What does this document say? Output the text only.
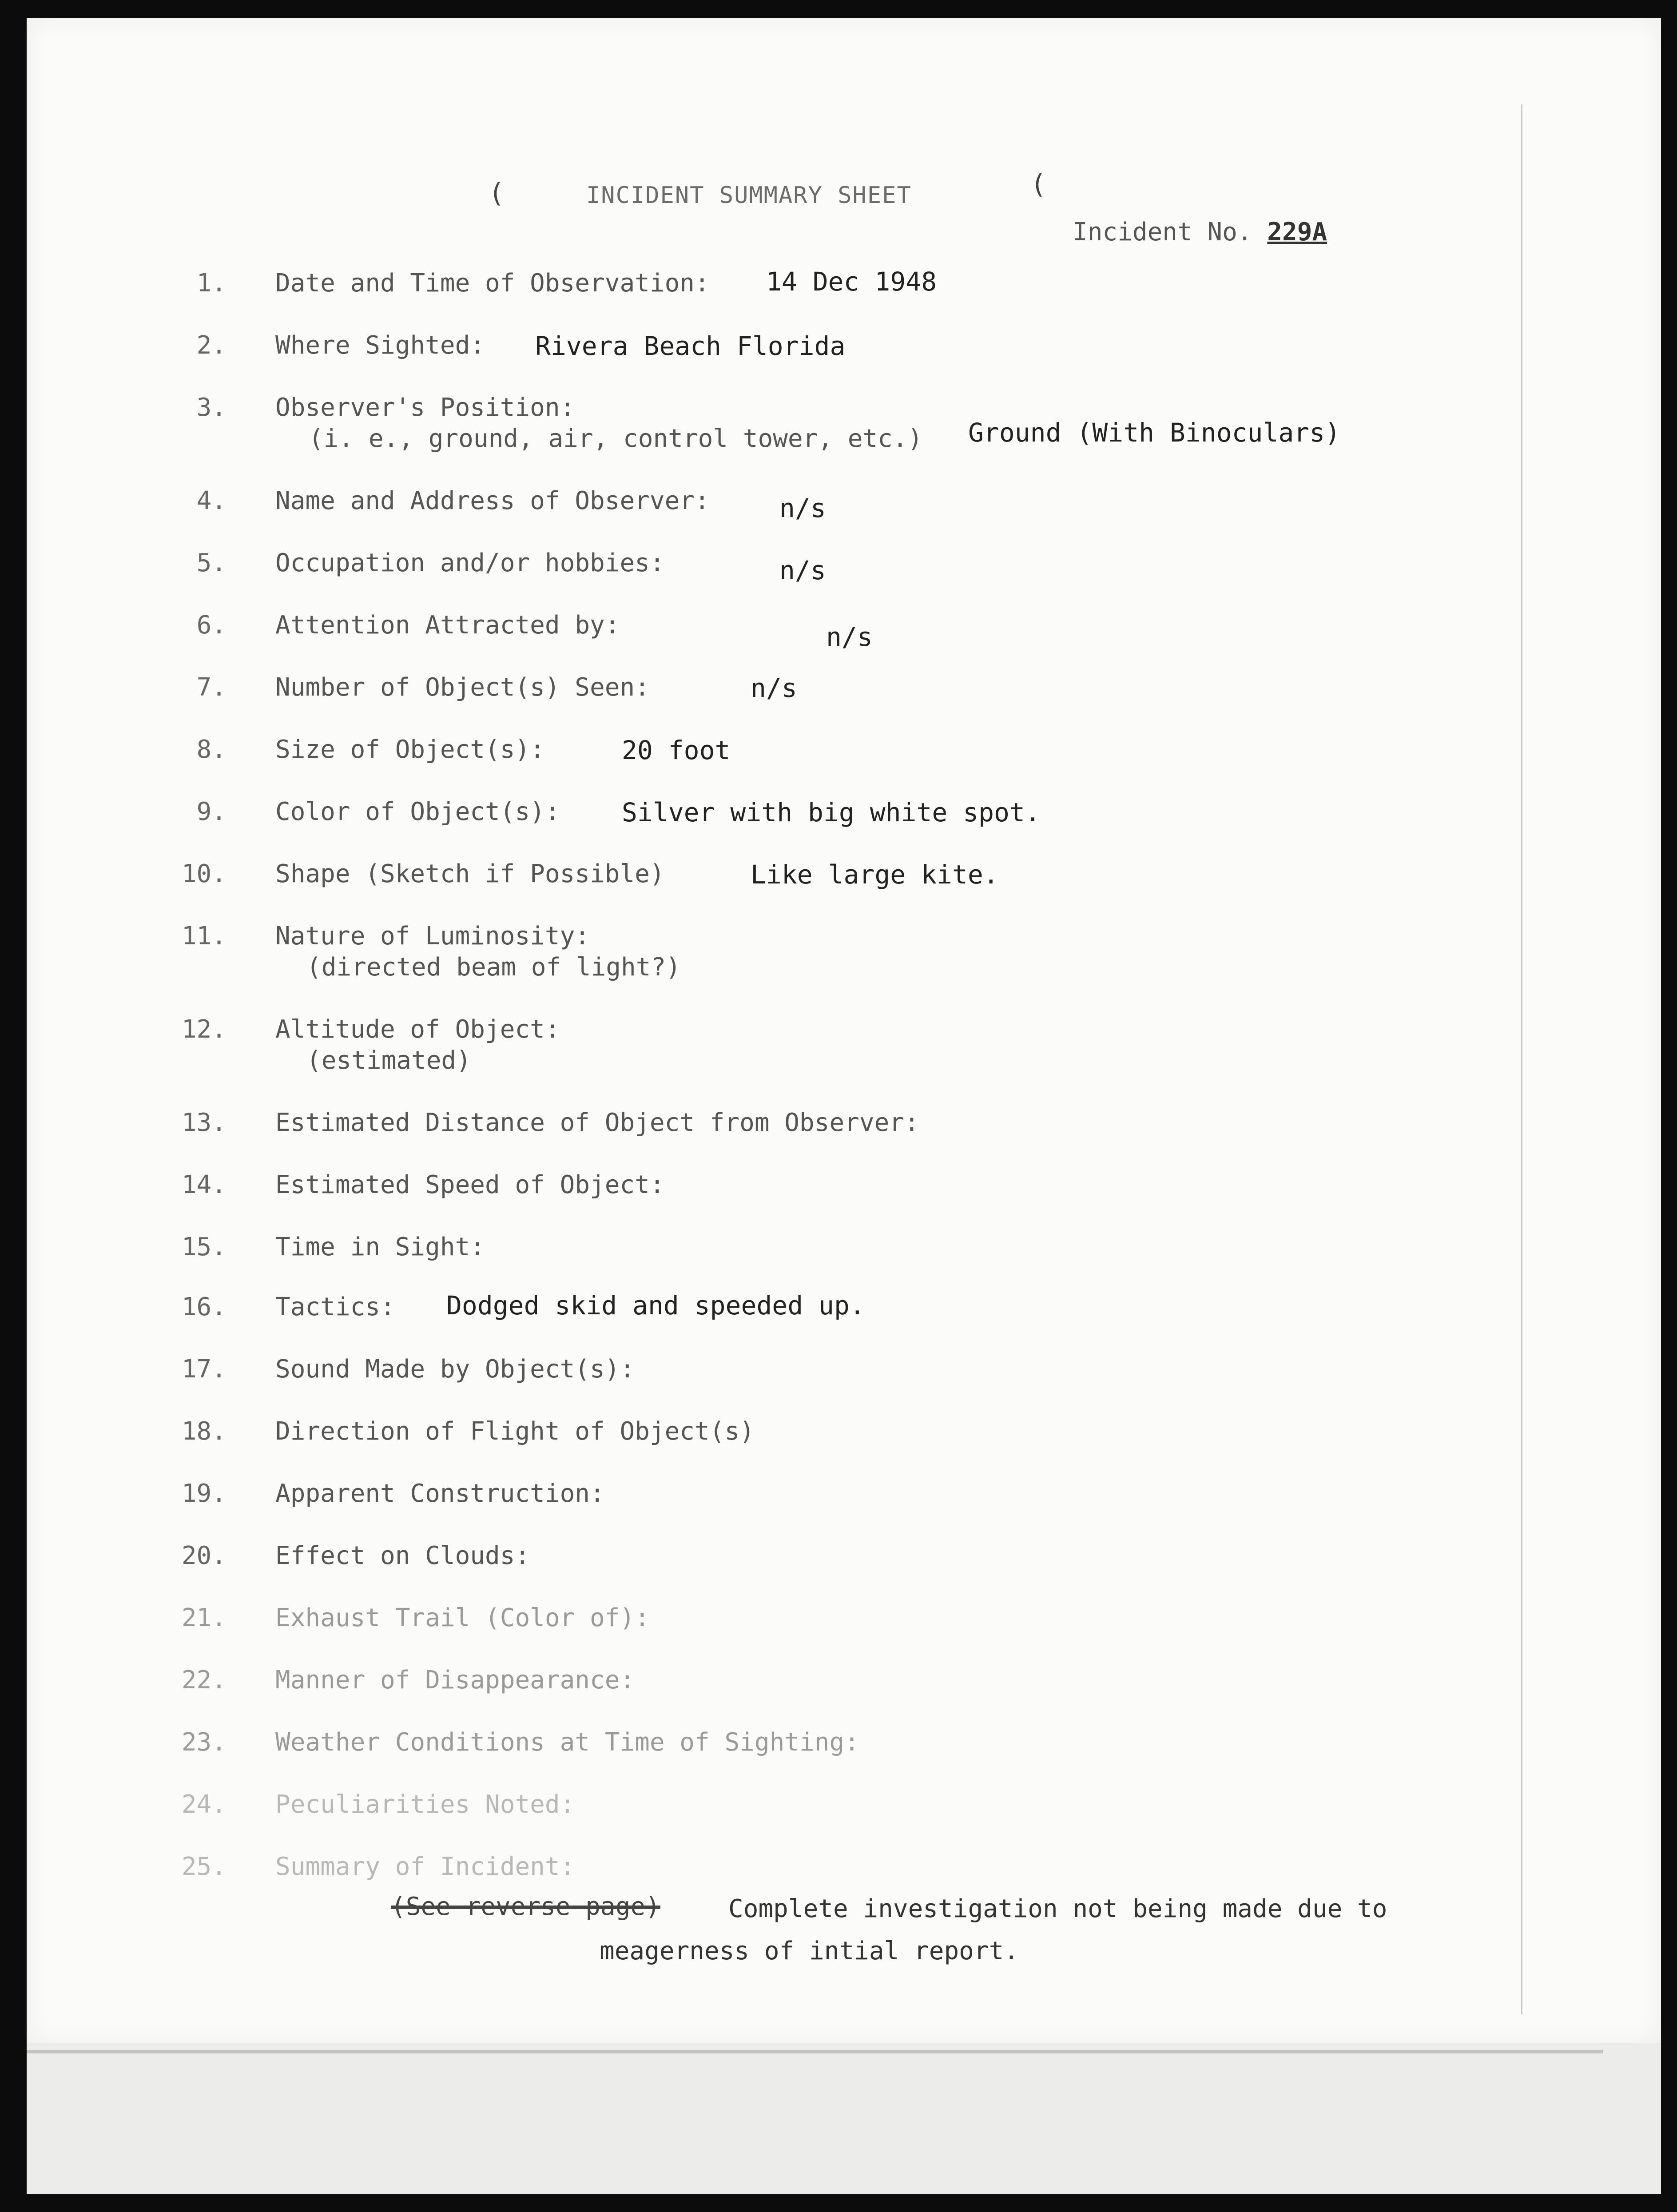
(	(
INCIDENT SUMMARY SHEET
Incident No. 229A
1. Date and Time of Observation: 14 Dec 1948
2. Where Sighted: Rivera Beach Florida
3. Observer's Position:
(i. e., ground, air, control tower, etc.) Ground (With Binoculars)
4. Name and Address of Observer:	n/s
5. Occupation and/or hobbies:	n/s
6. Attention Attracted by:	n/s
7. Number of Object(s) Seen:	n/s
8. Size of Object(s):	20 foot
9. Color of Object(s): Silver with big white spot.
10. Shape (Sketch if Possible)	Like large kite.
11. Nature of Luminosity:
(directed beam of light?)
12. Altitude of Object:
(estimated)
13. Estimated Distance of Object from Observer:
14. Estimated Speed of Object:
15. Time in Sight:
16. Tactics: Dodged skid and speeded up.
17. Sound Made by Object(s):
18. Direction of Flight of Object(s)
19. Apparent Construction:
20. Effect on Clouds:
21. Exhaust Trail (Color of):
22. Manner of Disappearance:
23. Weather Conditions at Time of Sighting:
24. Peculiarities Noted:
25. Summary of Incident:
(See reverse page)	Complete investigation not being made due to
meagerness of intial report.
